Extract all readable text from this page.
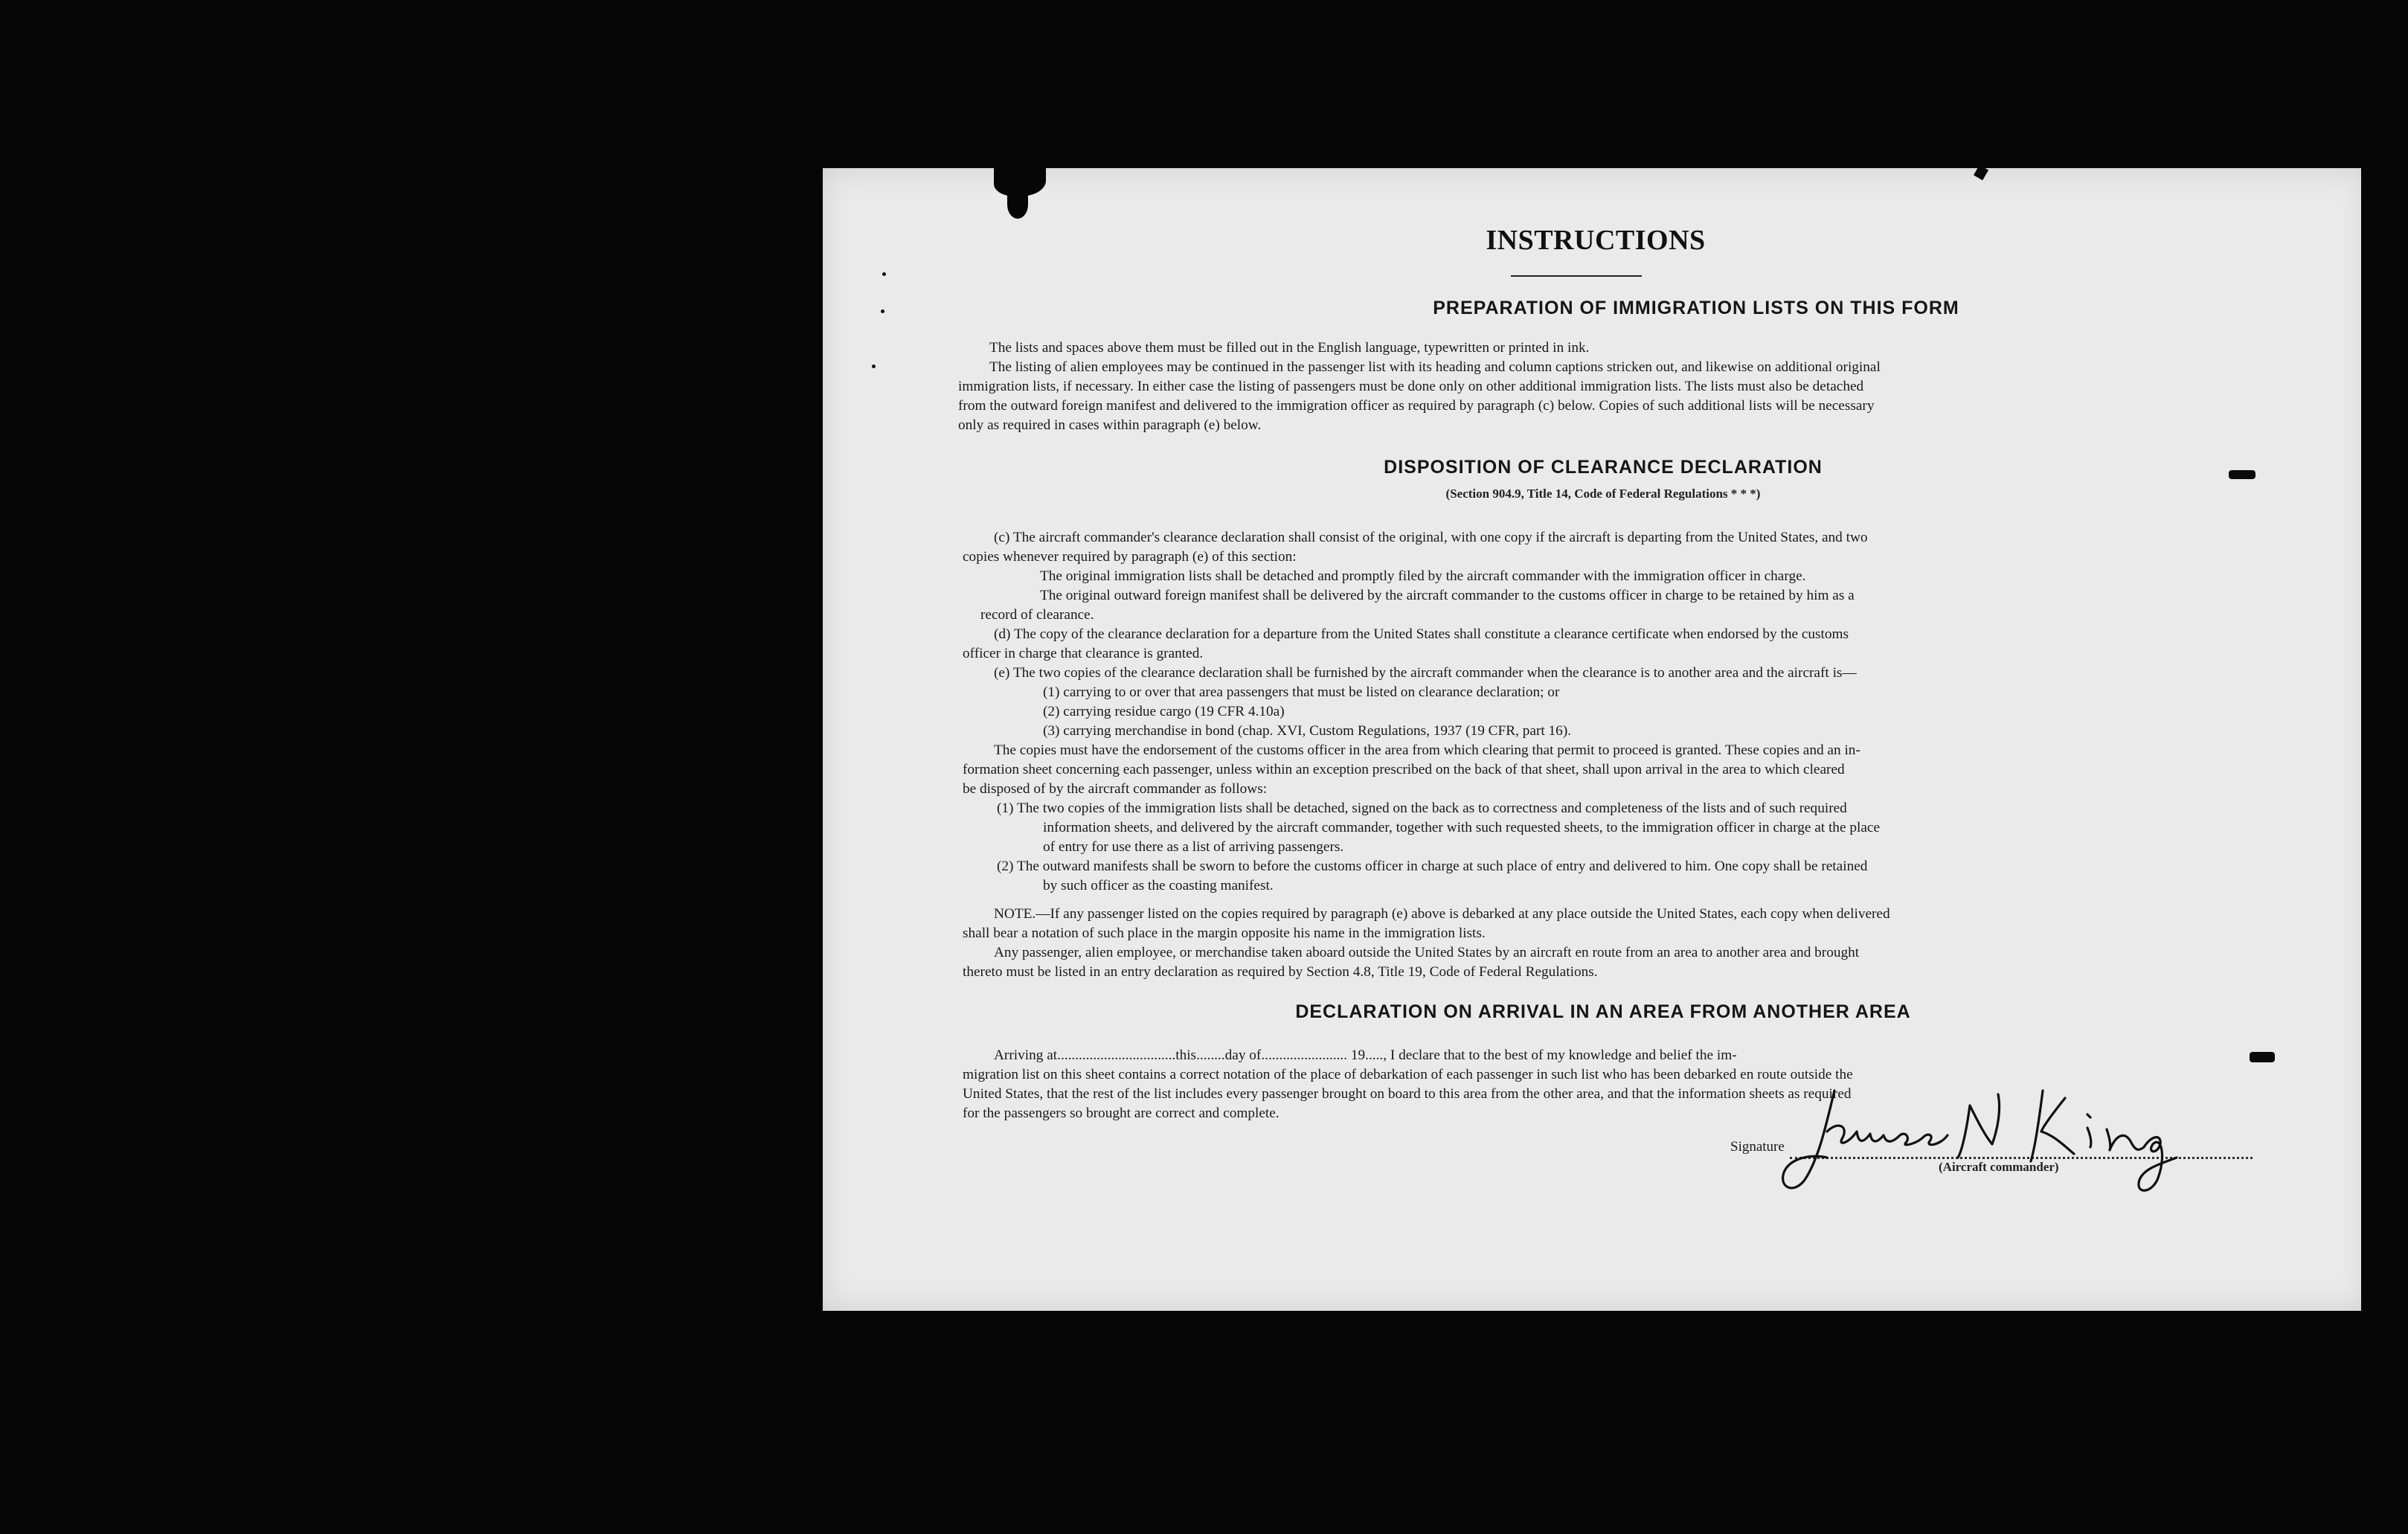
INSTRUCTIONS
PREPARATION OF IMMIGRATION LISTS ON THIS FORM
The lists and spaces above them must be filled out in the English language, typewritten or printed in ink.
The listing of alien employees may be continued in the passenger list with its heading and column captions stricken out, and likewise on additional original
immigration lists, if necessary. In either case the listing of passengers must be done only on other additional immigration lists. The lists must also be detached
from the outward foreign manifest and delivered to the immigration officer as required by paragraph (c) below. Copies of such additional lists will be necessary
only as required in cases within paragraph (e) below.
DISPOSITION OF CLEARANCE DECLARATION
(Section 904.9, Title 14, Code of Federal Regulations * * *)
(c) The aircraft commander's clearance declaration shall consist of the original, with one copy if the aircraft is departing from the United States, and two
copies whenever required by paragraph (e) of this section:
The original immigration lists shall be detached and promptly filed by the aircraft commander with the immigration officer in charge.
The original outward foreign manifest shall be delivered by the aircraft commander to the customs officer in charge to be retained by him as a
record of clearance.
(d) The copy of the clearance declaration for a departure from the United States shall constitute a clearance certificate when endorsed by the customs
officer in charge that clearance is granted.
(e) The two copies of the clearance declaration shall be furnished by the aircraft commander when the clearance is to another area and the aircraft is—
(1) carrying to or over that area passengers that must be listed on clearance declaration; or
(2) carrying residue cargo (19 CFR 4.10a)
(3) carrying merchandise in bond (chap. XVI, Custom Regulations, 1937 (19 CFR, part 16).
The copies must have the endorsement of the customs officer in the area from which clearing that permit to proceed is granted. These copies and an in-
formation sheet concerning each passenger, unless within an exception prescribed on the back of that sheet, shall upon arrival in the area to which cleared
be disposed of by the aircraft commander as follows:
(1) The two copies of the immigration lists shall be detached, signed on the back as to correctness and completeness of the lists and of such required
information sheets, and delivered by the aircraft commander, together with such requested sheets, to the immigration officer in charge at the place
of entry for use there as a list of arriving passengers.
(2) The outward manifests shall be sworn to before the customs officer in charge at such place of entry and delivered to him. One copy shall be retained
by such officer as the coasting manifest.
NOTE.—If any passenger listed on the copies required by paragraph (e) above is debarked at any place outside the United States, each copy when delivered
shall bear a notation of such place in the margin opposite his name in the immigration lists.
Any passenger, alien employee, or merchandise taken aboard outside the United States by an aircraft en route from an area to another area and brought
thereto must be listed in an entry declaration as required by Section 4.8, Title 19, Code of Federal Regulations.
DECLARATION ON ARRIVAL IN AN AREA FROM ANOTHER AREA
Arriving at.................................this........day of........................ 19....., I declare that to the best of my knowledge and belief the im-
migration list on this sheet contains a correct notation of the place of debarkation of each passenger in such list who has been debarked en route outside the
United States, that the rest of the list includes every passenger brought on board to this area from the other area, and that the information sheets as required
for the passengers so brought are correct and complete.
Signature
(Aircraft commander)
